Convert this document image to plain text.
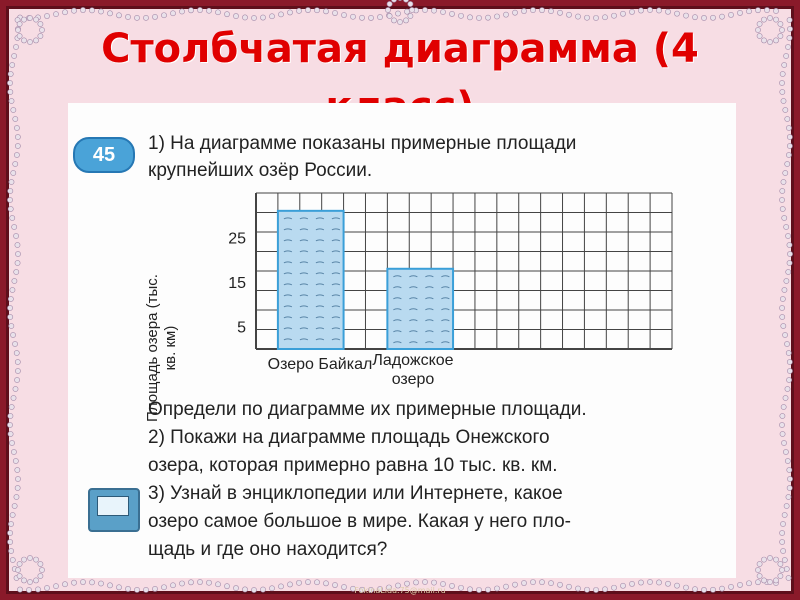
Столбчатая диаграмма (4
45
1) На диаграмме показаны примерные площади
крупнейших озёр России.
5
15
25
Площадь озера (тыс. кв. км)	Озеро Байкал Ладожское озеро
Определи по диаграмме их примерные площади.
2) Покажи на диаграмме площадь Онежского
озера, которая примерно равна 10 тыс. кв. км.
3) Узнай в энциклопедии или Интернете, какое
озеро самое большое в мире. Какая у него пло-
щадь и где оно находится?
FokinaLida.75@mail.ru
